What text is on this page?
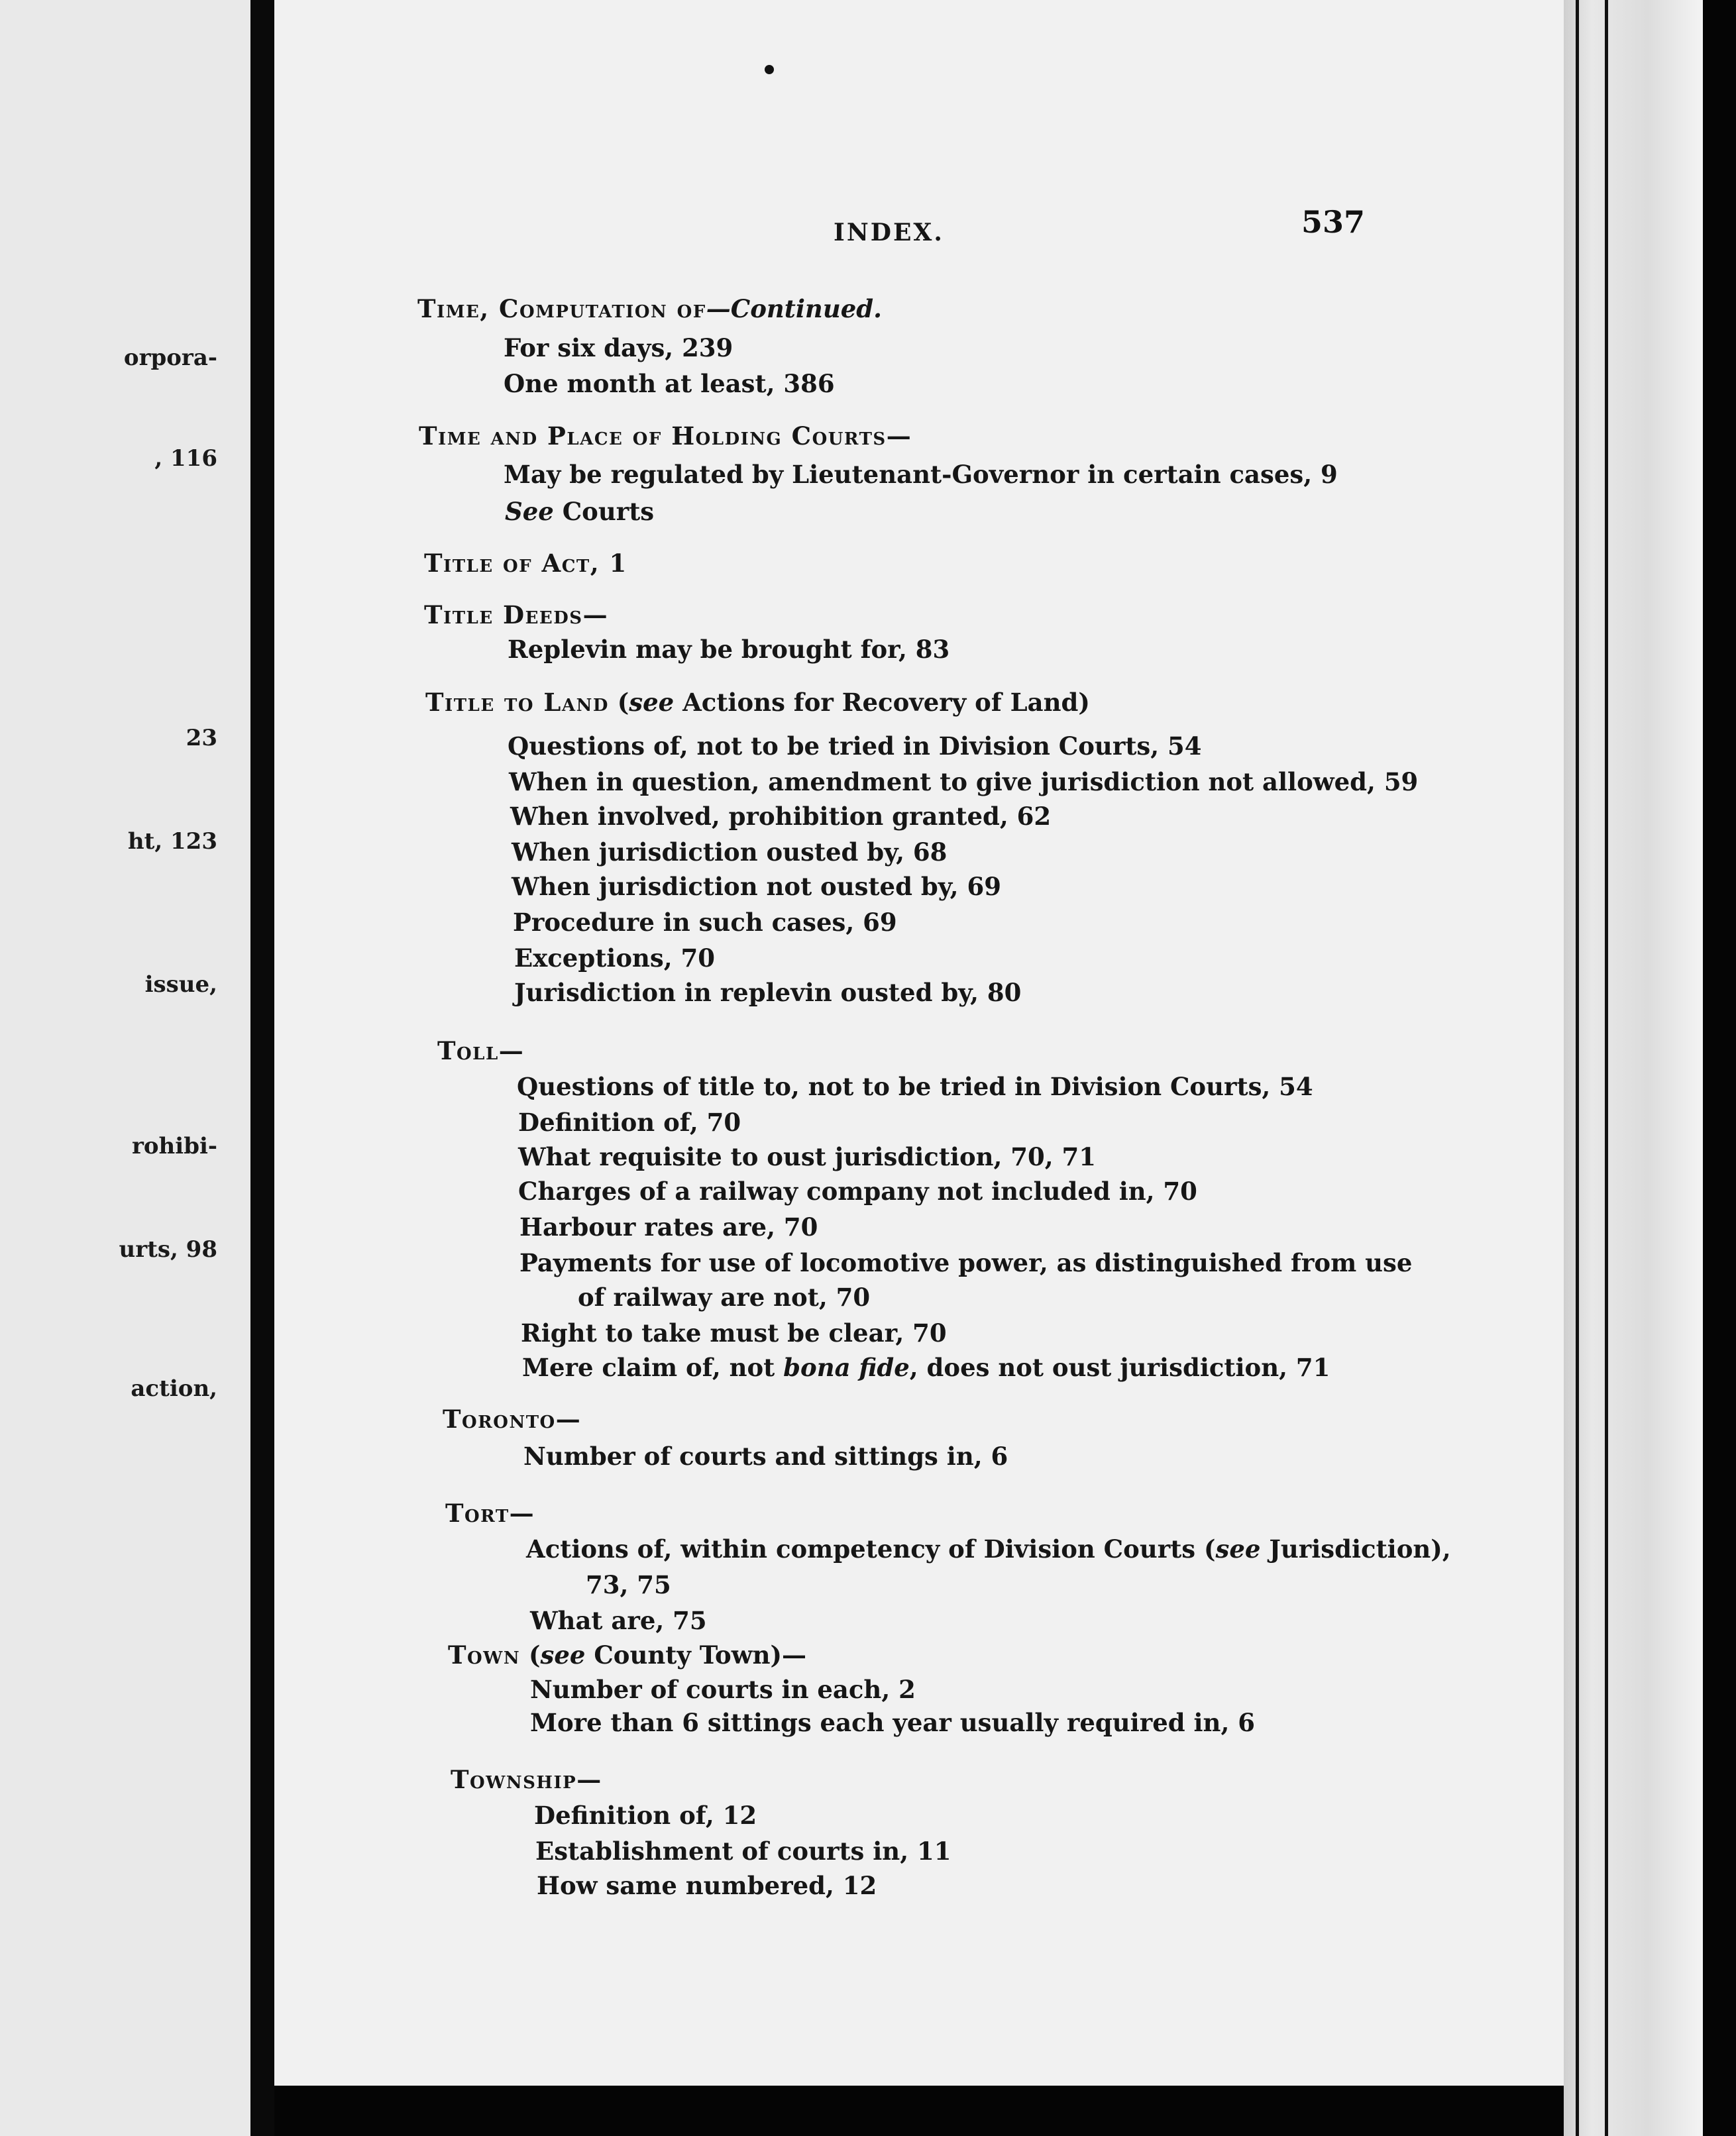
orpora-
, 116
23
ht, 123
issue,
rohibi-
urts, 98
action,
INDEX.	537
Time, Computation of—Continued.
For six days, 239
One month at least, 386
Time and Place of Holding Courts—
May be regulated by Lieutenant-Governor in certain cases, 9
See Courts
Title of Act, 1
Title Deeds—
Replevin may be brought for, 83
Title to Land (see Actions for Recovery of Land)
Questions of, not to be tried in Division Courts, 54
When in question, amendment to give jurisdiction not allowed, 59
When involved, prohibition granted, 62
When jurisdiction ousted by, 68
When jurisdiction not ousted by, 69
Procedure in such cases, 69
Exceptions, 70
Jurisdiction in replevin ousted by, 80
Toll—
Questions of title to, not to be tried in Division Courts, 54
Definition of, 70
What requisite to oust jurisdiction, 70, 71
Charges of a railway company not included in, 70
Harbour rates are, 70
Payments for use of locomotive power, as distinguished from use
of railway are not, 70
Right to take must be clear, 70
Mere claim of, not bona fide, does not oust jurisdiction, 71
Toronto—
Number of courts and sittings in, 6
Tort—
Actions of, within competency of Division Courts (see Jurisdiction),
73, 75
What are, 75
Town (see County Town)—
Number of courts in each, 2
More than 6 sittings each year usually required in, 6
Township—
Definition of, 12
Establishment of courts in, 11
How same numbered, 12
